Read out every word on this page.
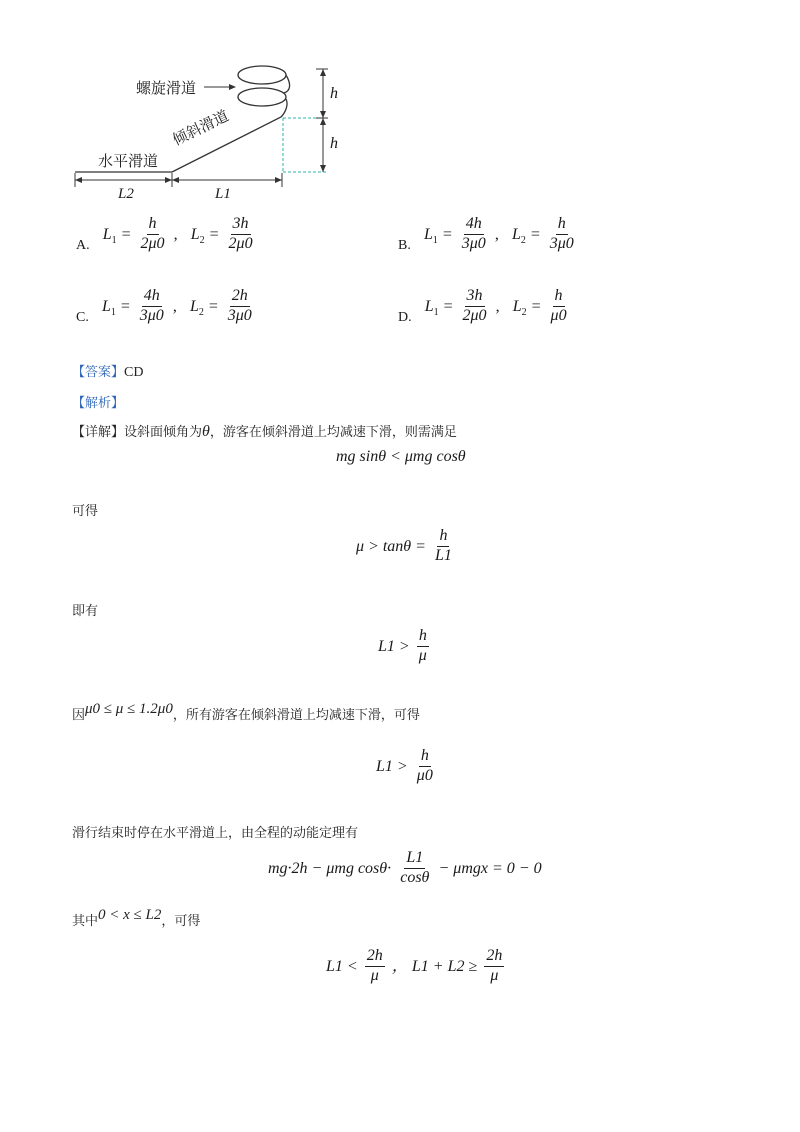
螺旋滑道
倾斜滑道
水平滑道
h
h
L2	L1
A. $L_1 = \frac{h}{2\mu 0}$ ,   $L_2 = \frac{3h}{2\mu 0}$	B. $L_1 = \frac{4h}{3\mu 0}$ ,   $L_2 = \frac{h}{3\mu 0}$
C. $L_1 = \frac{4h}{3\mu 0}$ ,   $L_2 = \frac{2h}{3\mu 0}$	D. $L_1 = \frac{3h}{2\mu 0}$ ,   $L_2 = \frac{h}{\mu 0}$
【答案】CD
【解析】
【详解】设斜面倾角为θ，游客在倾斜滑道上均减速下滑，则需满足
mg sinθ < μmg cosθ
可得
$\mu > \tan\theta = \frac{h}{L1}$
即有
$L1 > \frac{h}{\mu}$
因μ0 ≤ μ ≤ 1.2μ0，所有游客在倾斜滑道上均减速下滑，可得
$L1 > \frac{h}{\mu 0}$
滑行结束时停在水平滑道上，由全程的动能定理有
mg·2h − μmg $\cos\theta\cdot \frac{L1}{\cos\theta} - \mu mgx = 0 - 0$
其中0 < x ≤ L2，可得
$L1 < \frac{2h}{\mu}$ ， $L1 + L2 \ge \frac{2h}{\mu}$
